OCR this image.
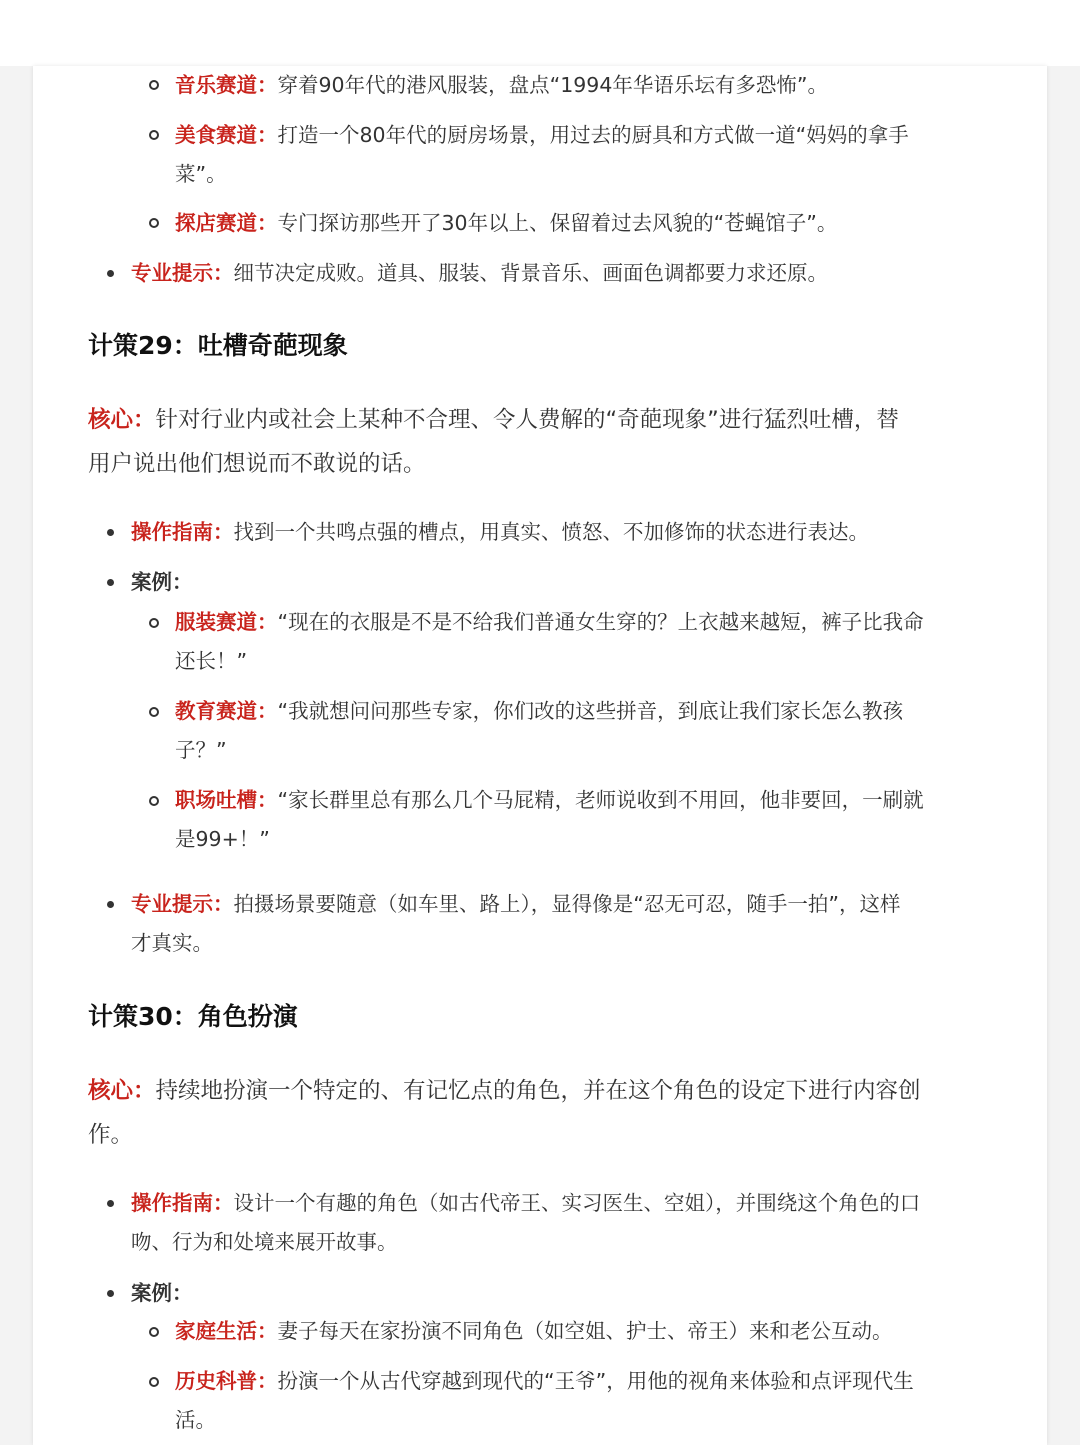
音乐赛道：穿着90年代的港风服装，盘点“1994年华语乐坛有多恐怖”。
美食赛道：打造一个80年代的厨房场景，用过去的厨具和方式做一道“妈妈的拿手
菜”。
探店赛道：专门探访那些开了30年以上、保留着过去风貌的“苍蝇馆子”。
专业提示：细节决定成败。道具、服装、背景音乐、画面色调都要力求还原。
计策29：吐槽奇葩现象
核心：针对行业内或社会上某种不合理、令人费解的“奇葩现象”进行猛烈吐槽，替
用户说出他们想说而不敢说的话。
操作指南：找到一个共鸣点强的槽点，用真实、愤怒、不加修饰的状态进行表达。
案例：
服装赛道：“现在的衣服是不是不给我们普通女生穿的？上衣越来越短，裤子比我命
还长！”
教育赛道：“我就想问问那些专家，你们改的这些拼音，到底让我们家长怎么教孩
子？”
职场吐槽：“家长群里总有那么几个马屁精，老师说收到不用回，他非要回，一刷就
是99+！”
专业提示：拍摄场景要随意（如车里、路上），显得像是“忍无可忍，随手一拍”，这样
才真实。
计策30：角色扮演
核心：持续地扮演一个特定的、有记忆点的角色，并在这个角色的设定下进行内容创
作。
操作指南：设计一个有趣的角色（如古代帝王、实习医生、空姐），并围绕这个角色的口
吻、行为和处境来展开故事。
案例：
家庭生活：妻子每天在家扮演不同角色（如空姐、护士、帝王）来和老公互动。
历史科普：扮演一个从古代穿越到现代的“王爷”，用他的视角来体验和点评现代生
活。
